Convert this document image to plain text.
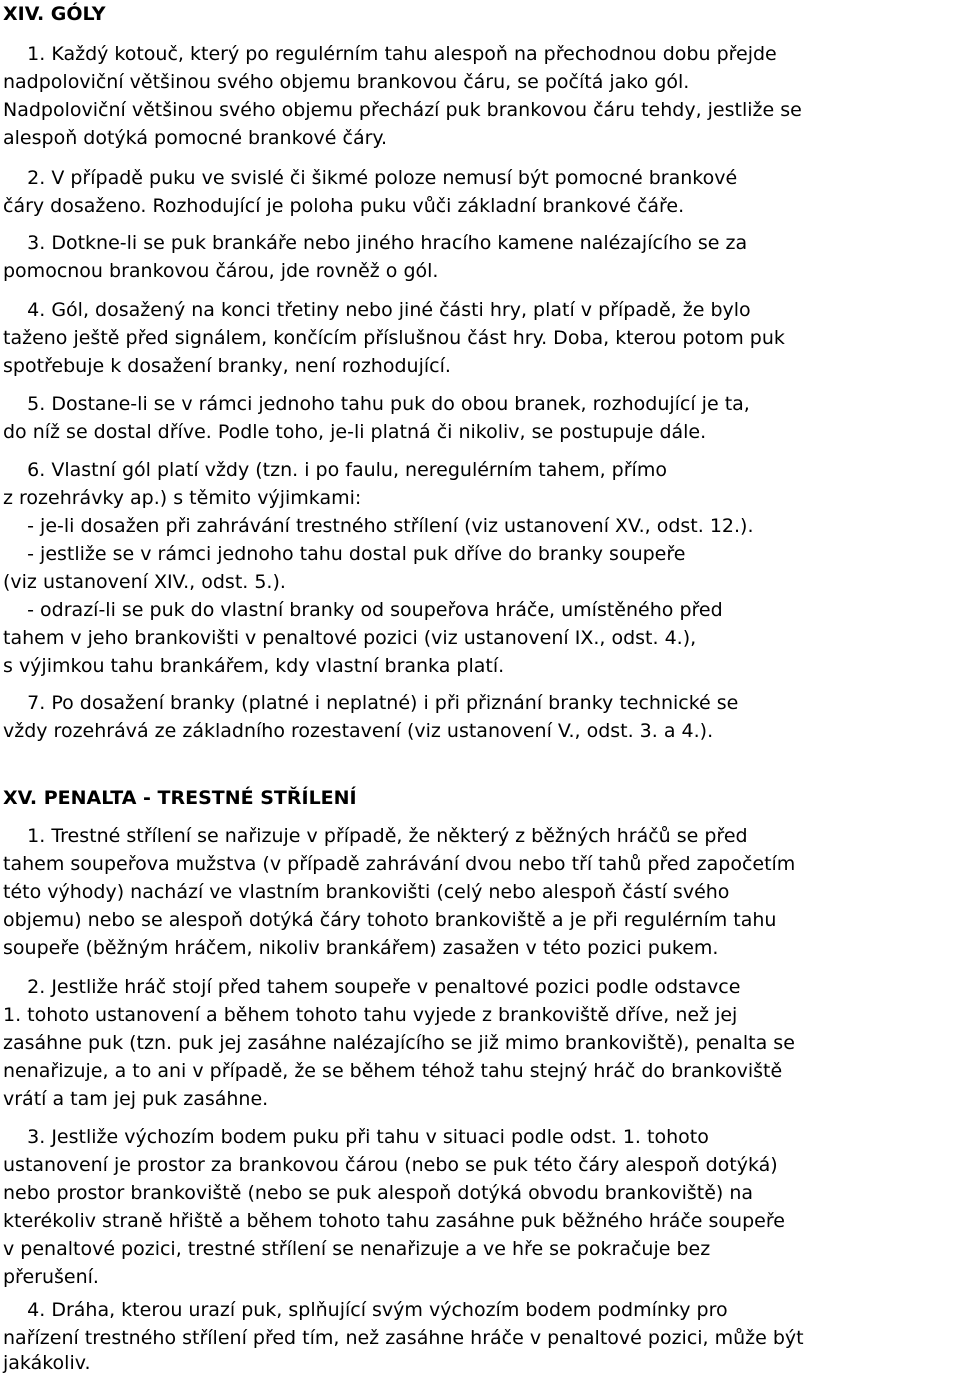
XIV. GÓLY
1. Každý kotouč, který po regulérním tahu alespoň na přechodnou dobu přejde
nadpoloviční většinou svého objemu brankovou čáru, se počítá jako gól.
Nadpoloviční většinou svého objemu přechází puk brankovou čáru tehdy, jestliže se
alespoň dotýká pomocné brankové čáry.
2. V případě puku ve svislé či šikmé poloze nemusí být pomocné brankové
čáry dosaženo. Rozhodující je poloha puku vůči základní brankové čáře.
3. Dotkne-li se puk brankáře nebo jiného hracího kamene nalézajícího se za
pomocnou brankovou čárou, jde rovněž o gól.
4. Gól, dosažený na konci třetiny nebo jiné části hry, platí v případě, že bylo
taženo ještě před signálem, končícím příslušnou část hry. Doba, kterou potom puk
spotřebuje k dosažení branky, není rozhodující.
5. Dostane-li se v rámci jednoho tahu puk do obou branek, rozhodující je ta,
do níž se dostal dříve. Podle toho, je-li platná či nikoliv, se postupuje dále.
6. Vlastní gól platí vždy (tzn. i po faulu, neregulérním tahem, přímo
z rozehrávky ap.) s těmito výjimkami:
- je-li dosažen při zahrávání trestného střílení (viz ustanovení XV., odst. 12.).
- jestliže se v rámci jednoho tahu dostal puk dříve do branky soupeře
(viz ustanovení XIV., odst. 5.).
- odrazí-li se puk do vlastní branky od soupeřova hráče, umístěného před
tahem v jeho brankovišti v penaltové pozici (viz ustanovení IX., odst. 4.),
s výjimkou tahu brankářem, kdy vlastní branka platí.
7. Po dosažení branky (platné i neplatné) i při přiznání branky technické se
vždy rozehrává ze základního rozestavení (viz ustanovení V., odst. 3. a 4.).
XV. PENALTA - TRESTNÉ STŘÍLENÍ
1. Trestné střílení se nařizuje v případě, že některý z běžných hráčů se před
tahem soupeřova mužstva (v případě zahrávání dvou nebo tří tahů před započetím
této výhody) nachází ve vlastním brankovišti (celý nebo alespoň částí svého
objemu) nebo se alespoň dotýká čáry tohoto brankoviště a je při regulérním tahu
soupeře (běžným hráčem, nikoliv brankářem) zasažen v této pozici pukem.
2. Jestliže hráč stojí před tahem soupeře v penaltové pozici podle odstavce
1. tohoto ustanovení a během tohoto tahu vyjede z brankoviště dříve, než jej
zasáhne puk (tzn. puk jej zasáhne nalézajícího se již mimo brankoviště), penalta se
nenařizuje, a to ani v případě, že se během téhož tahu stejný hráč do brankoviště
vrátí a tam jej puk zasáhne.
3. Jestliže výchozím bodem puku při tahu v situaci podle odst. 1. tohoto
ustanovení je prostor za brankovou čárou (nebo se puk této čáry alespoň dotýká)
nebo prostor brankoviště (nebo se puk alespoň dotýká obvodu brankoviště) na
kterékoliv straně hřiště a během tohoto tahu zasáhne puk běžného hráče soupeře
v penaltové pozici, trestné střílení se nenařizuje a ve hře se pokračuje bez
přerušení.
4. Dráha, kterou urazí puk, splňující svým výchozím bodem podmínky pro
nařízení trestného střílení před tím, než zasáhne hráče v penaltové pozici, může být
jakákoliv.
